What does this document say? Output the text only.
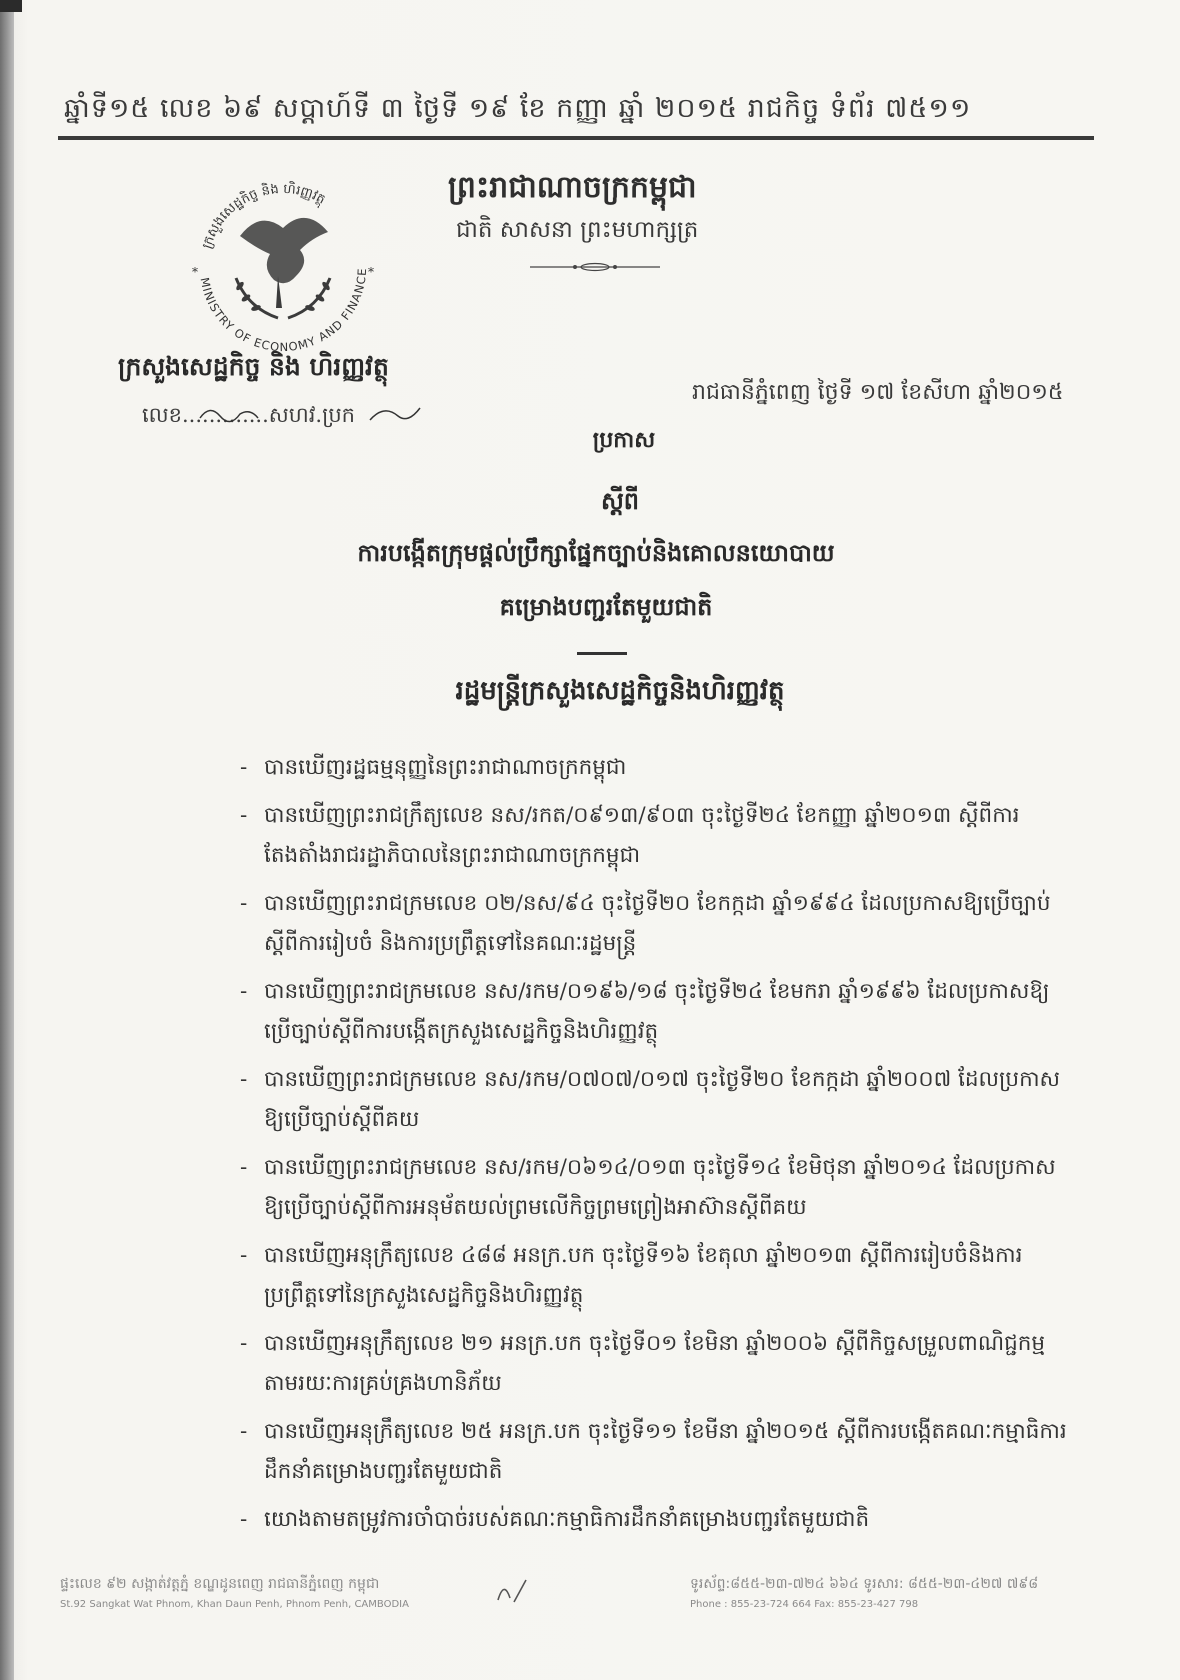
ឆ្នាំទី១៥ លេខ ៦៩ សប្តាហ៍ទី ៣ ថ្ងៃទី ១៩ ខែ កញ្ញា ឆ្នាំ ២០១៥ រាជកិច្ច ទំព័រ ៧៥១១
ព្រះរាជាណាចក្រកម្ពុជា
ជាតិ សាសនា ព្រះមហាក្សត្រ
ក្រសួងសេដ្ឋកិច្ច និង ហិរញ្ញវត្ថុ
MINISTRY OF ECONOMY AND FINANCE
*	*
ក្រសួងសេដ្ឋកិច្ច និង ហិរញ្ញវត្ថុ
លេខ.............សហវ.ប្រក
រាជធានីភ្នំពេញ ថ្ងៃទី ១៧ ខែសីហា ឆ្នាំ២០១៥
ប្រកាស
ស្តីពី
ការបង្កើតក្រុមផ្តល់ប្រឹក្សាផ្នែកច្បាប់និងគោលនយោបាយ
គម្រោងបញ្ជរតែមួយជាតិ
រដ្ឋមន្ត្រីក្រសួងសេដ្ឋកិច្ចនិងហិរញ្ញវត្ថុ
- បានឃើញរដ្ឋធម្មនុញ្ញនៃព្រះរាជាណាចក្រកម្ពុជា
- បានឃើញព្រះរាជក្រឹត្យលេខ នស/រកត/០៩១៣/៩០៣ ចុះថ្ងៃទី២៤ ខែកញ្ញា ឆ្នាំ២០១៣ ស្តីពីការតែងតាំងរាជរដ្ឋាភិបាលនៃព្រះរាជាណាចក្រកម្ពុជា
- បានឃើញព្រះរាជក្រមលេខ ០២/នស/៩៤ ចុះថ្ងៃទី២០ ខែកក្កដា ឆ្នាំ១៩៩៤ ដែលប្រកាសឱ្យប្រើច្បាប់ស្តីពីការរៀបចំ និងការប្រព្រឹត្តទៅនៃគណៈរដ្ឋមន្ត្រី
- បានឃើញព្រះរាជក្រមលេខ នស/រកម/០១៩៦/១៨ ចុះថ្ងៃទី២៤ ខែមករា ឆ្នាំ១៩៩៦ ដែលប្រកាសឱ្យប្រើច្បាប់ស្តីពីការបង្កើតក្រសួងសេដ្ឋកិច្ចនិងហិរញ្ញវត្ថុ
- បានឃើញព្រះរាជក្រមលេខ នស/រកម/០៧០៧/០១៧ ចុះថ្ងៃទី២០ ខែកក្កដា ឆ្នាំ២០០៧ ដែលប្រកាស ឱ្យប្រើច្បាប់ស្តីពីគយ
- បានឃើញព្រះរាជក្រមលេខ នស/រកម/០៦១៤/០១៣ ចុះថ្ងៃទី១៤ ខែមិថុនា ឆ្នាំ២០១៤ ដែលប្រកាស ឱ្យប្រើច្បាប់ស្តីពីការអនុម័តយល់ព្រមលើកិច្ចព្រមព្រៀងអាស៊ានស្តីពីគយ
- បានឃើញអនុក្រឹត្យលេខ ៤៨៨ អនក្រ.បក ចុះថ្ងៃទី១៦ ខែតុលា ឆ្នាំ២០១៣ ស្តីពីការរៀបចំនិងការប្រព្រឹត្តទៅនៃក្រសួងសេដ្ឋកិច្ចនិងហិរញ្ញវត្ថុ
- បានឃើញអនុក្រឹត្យលេខ ២១ អនក្រ.បក ចុះថ្ងៃទី០១ ខែមិនា ឆ្នាំ២០០៦ ស្តីពីកិច្ចសម្រួលពាណិជ្ជកម្មតាមរយៈការគ្រប់គ្រងហានិភ័យ
- បានឃើញអនុក្រឹត្យលេខ ២៥ អនក្រ.បក ចុះថ្ងៃទី១១ ខែមីនា ឆ្នាំ២០១៥ ស្តីពីការបង្កើតគណៈកម្មាធិការដឹកនាំគម្រោងបញ្ជរតែមួយជាតិ
- យោងតាមតម្រូវការចាំបាច់របស់គណៈកម្មាធិការដឹកនាំគម្រោងបញ្ជរតែមួយជាតិ
ផ្ទះលេខ ៩២ សង្កាត់វត្តភ្នំ ខណ្ឌដូនពេញ រាជធានីភ្នំពេញ កម្ពុជា
St.92 Sangkat Wat Phnom, Khan Daun Penh, Phnom Penh, CAMBODIA
ទូរស័ព្ទ:៨៥៥-២៣-៧២៤ ៦៦៤ ទូរសារ: ៨៥៥-២៣-៤២៧ ៧៩៨
Phone : 855-23-724 664 Fax: 855-23-427 798
